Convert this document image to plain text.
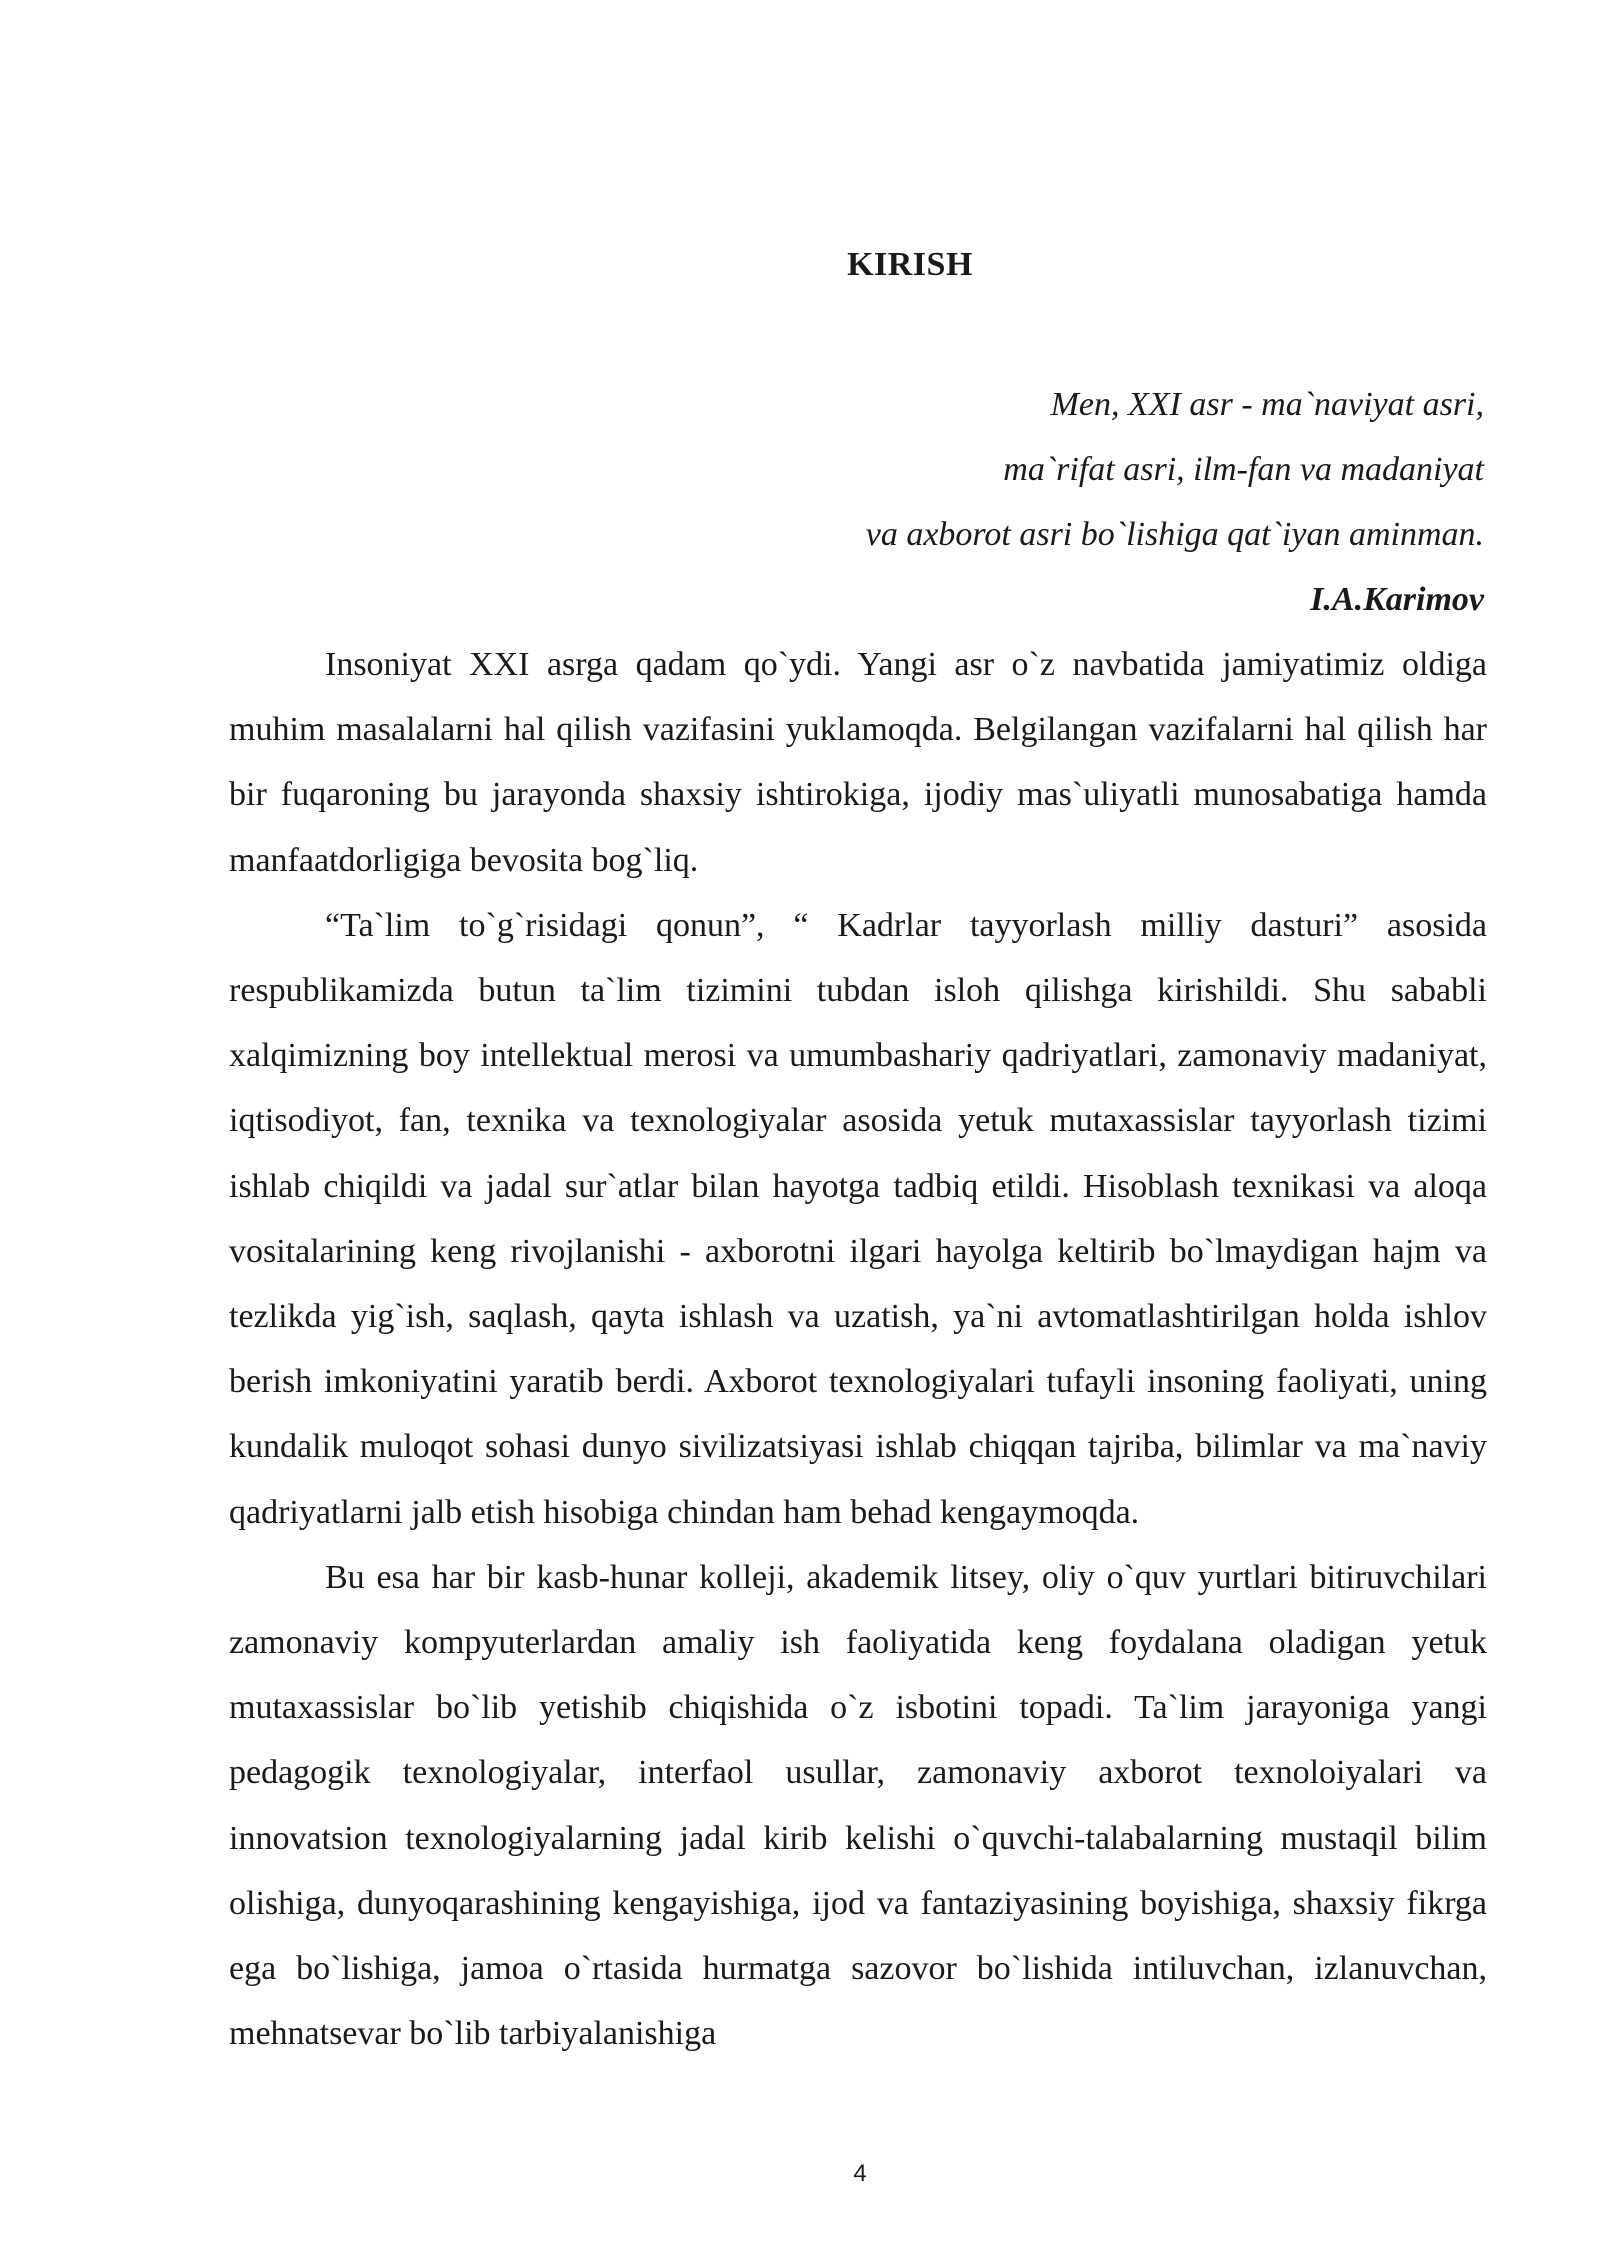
KIRISH
Men, XXI asr - ma`naviyat asri,
ma`rifat asri, ilm-fan va madaniyat
va axborot asri bo`lishiga qat`iyan aminman.
I.A.Karimov

Insoniyat XXI asrga qadam qo`ydi. Yangi asr o`z navbatida jamiyatimiz oldiga muhim masalalarni hal qilish vazifasini yuklamoqda. Belgilangan vazifalarni hal qilish har bir fuqaroning bu jarayonda shaxsiy ishtirokiga, ijodiy mas`uliyatli munosabatiga hamda manfaatdorligiga bevosita bog`liq.

“Ta`lim to`g`risidagi qonun”, “ Kadrlar tayyorlash milliy dasturi” asosida respublikamizda butun ta`lim tizimini tubdan isloh qilishga kirishildi. Shu sababli xalqimizning boy intellektual merosi va umumbashariy qadriyatlari, zamonaviy madaniyat, iqtisodiyot, fan, texnika va texnologiyalar asosida yetuk mutaxassislar tayyorlash tizimi ishlab chiqildi va jadal sur`atlar bilan hayotga tadbiq etildi. Hisoblash texnikasi va aloqa vositalarining keng rivojlanishi - axborotni ilgari hayolga keltirib bo`lmaydigan hajm va tezlikda yig`ish, saqlash, qayta ishlash va uzatish, ya`ni avtomatlashtirilgan holda ishlov berish imkoniyatini yaratib berdi. Axborot texnologiyalari tufayli insoning faoliyati, uning kundalik muloqot sohasi dunyo sivilizatsiyasi ishlab chiqqan tajriba, bilimlar va ma`naviy qadriyatlarni jalb etish hisobiga chindan ham behad kengaymoqda.

Bu esa har bir kasb-hunar kolleji, akademik litsey, oliy o`quv yurtlari bitiruvchilari zamonaviy kompyuterlardan amaliy ish faoliyatida keng foydalana oladigan yetuk mutaxassislar bo`lib yetishib chiqishida o`z isbotini topadi. Ta`lim jarayoniga yangi pedagogik texnologiyalar, interfaol usullar, zamonaviy axborot texnoloiyalari va innovatsion texnologiyalarning jadal kirib kelishi o`quvchi-talabalarning mustaqil bilim olishiga, dunyoqarashining kengayishiga, ijod va fantaziyasining boyishiga, shaxsiy fikrga ega bo`lishiga, jamoa o`rtasida hurmatga sazovor bo`lishida intiluvchan, izlanuvchan, mehnatsevar bo`lib tarbiyalanishiga

4
